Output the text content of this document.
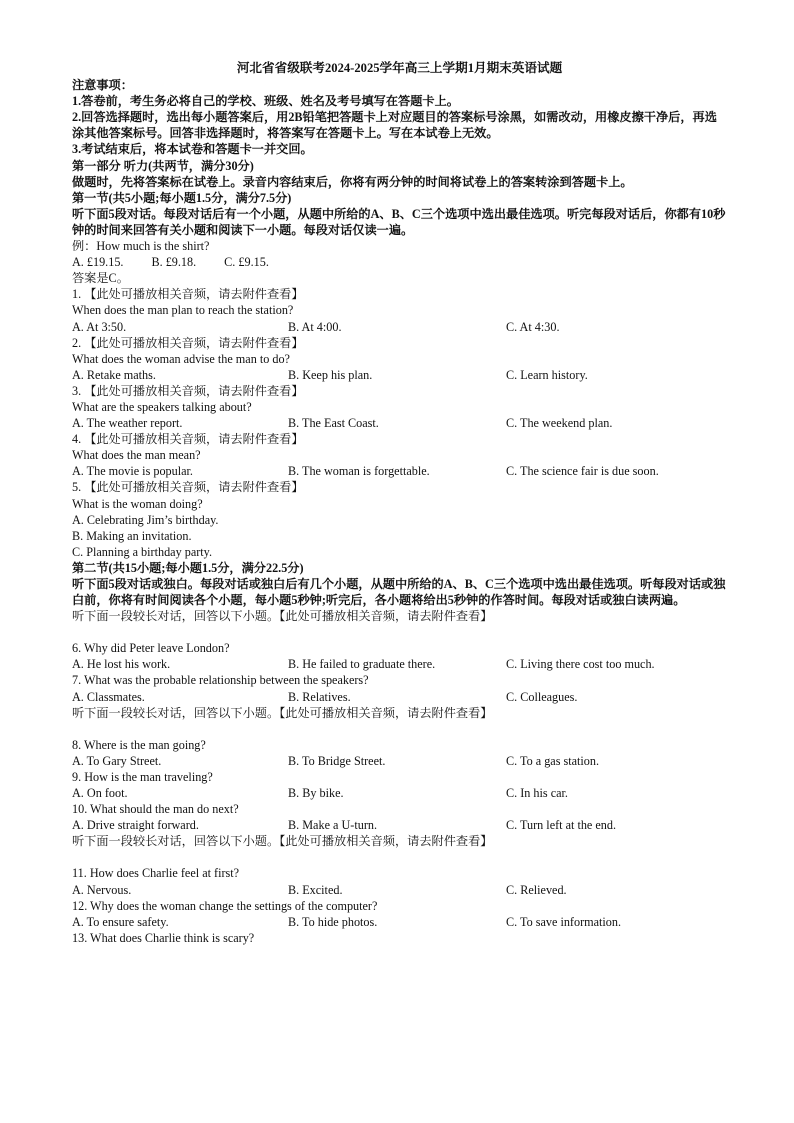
河北省省级联考2024-2025学年高三上学期1月期末英语试题
注意事项：
1.答卷前，考生务必将自己的学校、班级、姓名及考号填写在答题卡上。
2.回答选择题时，选出每小题答案后，用2B铅笔把答题卡上对应题目的答案标号涂黑，如需改动，用橡皮擦干净后，再选涂其他答案标号。回答非选择题时，将答案写在答题卡上。写在本试卷上无效。
3.考试结束后，将本试卷和答题卡一并交回。
第一部分 听力(共两节，满分30分)
做题时，先将答案标在试卷上。录音内容结束后，你将有两分钟的时间将试卷上的答案转涂到答题卡上。
第一节(共5小题;每小题1.5分，满分7.5分)
听下面5段对话。每段对话后有一个小题，从题中所给的A、B、C三个选项中选出最佳选项。听完每段对话后，你都有10秒钟的时间来回答有关小题和阅读下一小题。每段对话仅读一遍。
例：How much is the shirt?
A. £19.15. B. £9.18. C. £9.15.
答案是C。
1. 【此处可播放相关音频，请去附件查看】
When does the man plan to reach the station?
A. At 3:50.	B. At 4:00.	C. At 4:30.
2. 【此处可播放相关音频，请去附件查看】
What does the woman advise the man to do?
A. Retake maths.	B. Keep his plan.	C. Learn history.
3. 【此处可播放相关音频，请去附件查看】
What are the speakers talking about?
A. The weather report.	B. The East Coast.	C. The weekend plan.
4. 【此处可播放相关音频，请去附件查看】
What does the man mean?
A. The movie is popular.	B. The woman is forgettable.	C. The science fair is due soon.
5. 【此处可播放相关音频，请去附件查看】
What is the woman doing?
A. Celebrating Jim’s birthday.
B. Making an invitation.
C. Planning a birthday party.
第二节(共15小题;每小题1.5分，满分22.5分)
听下面5段对话或独白。每段对话或独白后有几个小题，从题中所给的A、B、C三个选项中选出最佳选项。听每段对话或独白前，你将有时间阅读各个小题，每小题5秒钟;听完后，各小题将给出5秒钟的作答时间。每段对话或独白读两遍。
听下面一段较长对话，回答以下小题。【此处可播放相关音频，请去附件查看】
6. Why did Peter leave London?
A. He lost his work.	B. He failed to graduate there.	C. Living there cost too much.
7. What was the probable relationship between the speakers?
A. Classmates.	B. Relatives.	C. Colleagues.
听下面一段较长对话，回答以下小题。【此处可播放相关音频，请去附件查看】
8. Where is the man going?
A. To Gary Street.	B. To Bridge Street.	C. To a gas station.
9. How is the man traveling?
A. On foot.	B. By bike.	C. In his car.
10. What should the man do next?
A. Drive straight forward.	B. Make a U-turn.	C. Turn left at the end.
听下面一段较长对话，回答以下小题。【此处可播放相关音频，请去附件查看】
11. How does Charlie feel at first?
A. Nervous.	B. Excited.	C. Relieved.
12. Why does the woman change the settings of the computer?
A. To ensure safety.	B. To hide photos.	C. To save information.
13. What does Charlie think is scary?
